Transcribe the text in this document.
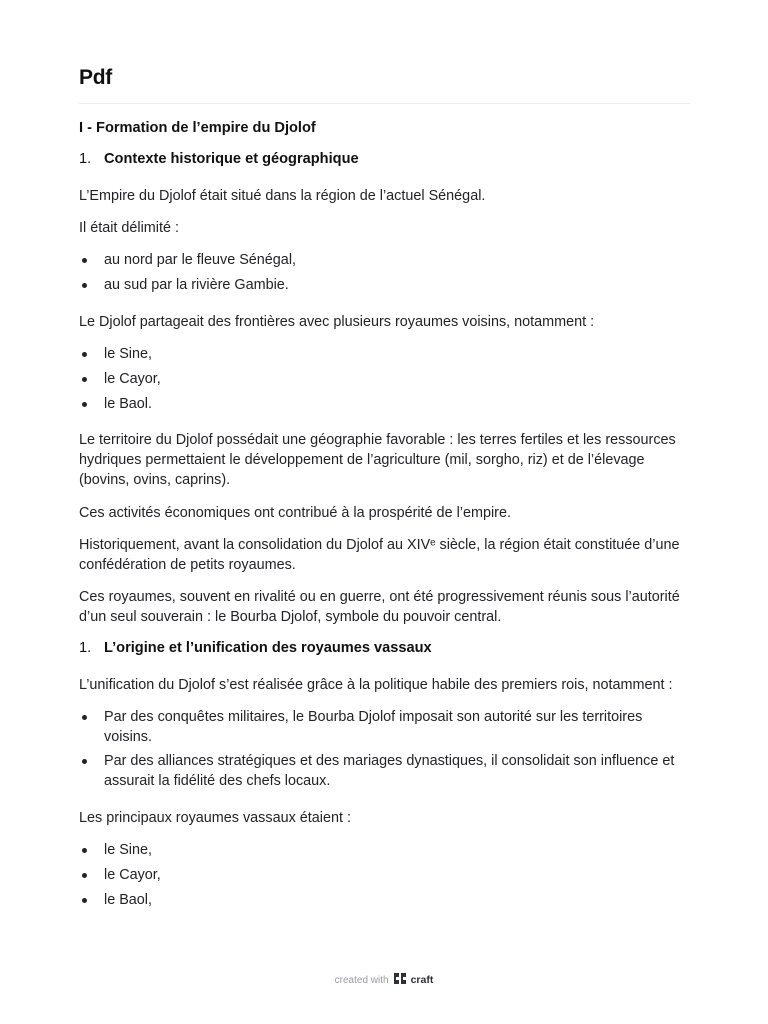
Pdf

I - Formation de l’empire du Djolof

1. Contexte historique et géographique

L’Empire du Djolof était situé dans la région de l’actuel Sénégal.

Il était délimité :

au nord par le fleuve Sénégal,
au sud par la rivière Gambie.

Le Djolof partageait des frontières avec plusieurs royaumes voisins, notamment :

le Sine,
le Cayor,
le Baol.

Le territoire du Djolof possédait une géographie favorable : les terres fertiles et les ressources hydriques permettaient le développement de l’agriculture (mil, sorgho, riz) et de l’élevage (bovins, ovins, caprins).

Ces activités économiques ont contribué à la prospérité de l’empire.

Historiquement, avant la consolidation du Djolof au XIVᵉ siècle, la région était constituée d’une confédération de petits royaumes.

Ces royaumes, souvent en rivalité ou en guerre, ont été progressivement réunis sous l’autorité d’un seul souverain : le Bourba Djolof, symbole du pouvoir central.

1. L’origine et l’unification des royaumes vassaux

L’unification du Djolof s’est réalisée grâce à la politique habile des premiers rois, notamment :

Par des conquêtes militaires, le Bourba Djolof imposait son autorité sur les territoires voisins.
Par des alliances stratégiques et des mariages dynastiques, il consolidait son influence et assurait la fidélité des chefs locaux.

Les principaux royaumes vassaux étaient :

le Sine,
le Cayor,
le Baol,
created with craft
